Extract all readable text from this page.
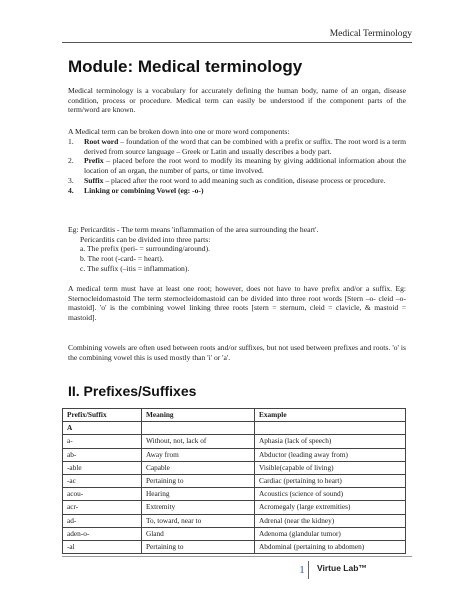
Medical Terminology
Module: Medical terminology
Medical terminology is a vocabulary for accurately defining the human body, name of an organ, disease condition, process or procedure. Medical term can easily be understood if the component parts of the term/word are known.
A Medical term can be broken down into one or more word components:
1. Root word – foundation of the word that can be combined with a prefix or suffix. The root word is a term derived from source language – Greek or Latin and usually describes a body part.
2. Prefix – placed before the root word to modify its meaning by giving additional information about the location of an organ, the number of parts, or time involved.
3. Suffix – placed after the root word to add meaning such as condition, disease process or procedure.
4. Linking or combining Vowel (eg: -o-)
Eg: Pericarditis - The term means 'inflammation of the area surrounding the heart'.
Pericarditis can be divided into three parts:
a. The prefix (peri- = surrounding/around).
b. The root (-card- = heart).
c. The suffix (–itis = inflammation).
A medical term must have at least one root; however, does not have to have prefix and/or a suffix. Eg: Sternocleidomastoid The term sternocleidomastoid can be divided into three root words [Stern –o- cleid –o- mastoid]. 'o' is the combining vowel linking three roots [stern = sternum, cleid = clavicle, & mastoid = mastoid].
Combining vowels are often used between roots and/or suffixes, but not used between prefixes and roots. 'o' is the combining vowel this is used mostly than 'i' or 'a'.
II. Prefixes/Suffixes
Prefix/Suffix	Meaning	Example
A		
a-	Without, not, lack of	Aphasia (lack of speech)
ab-	Away from	Abductor (leading away from)
-able	Capable	Visible(capable of living)
-ac	Pertaining to	Cardiac (pertaining to heart)
acou-	Hearing	Acoustics (science of sound)
acr-	Extremity	Acromegaly (large extremities)
ad-	To, toward, near to	Adrenal (near the kidney)
aden-o-	Gland	Adenoma (glandular tumor)
-al	Pertaining to	Abdominal (pertaining to abdomen)
1	Virtue Lab™
